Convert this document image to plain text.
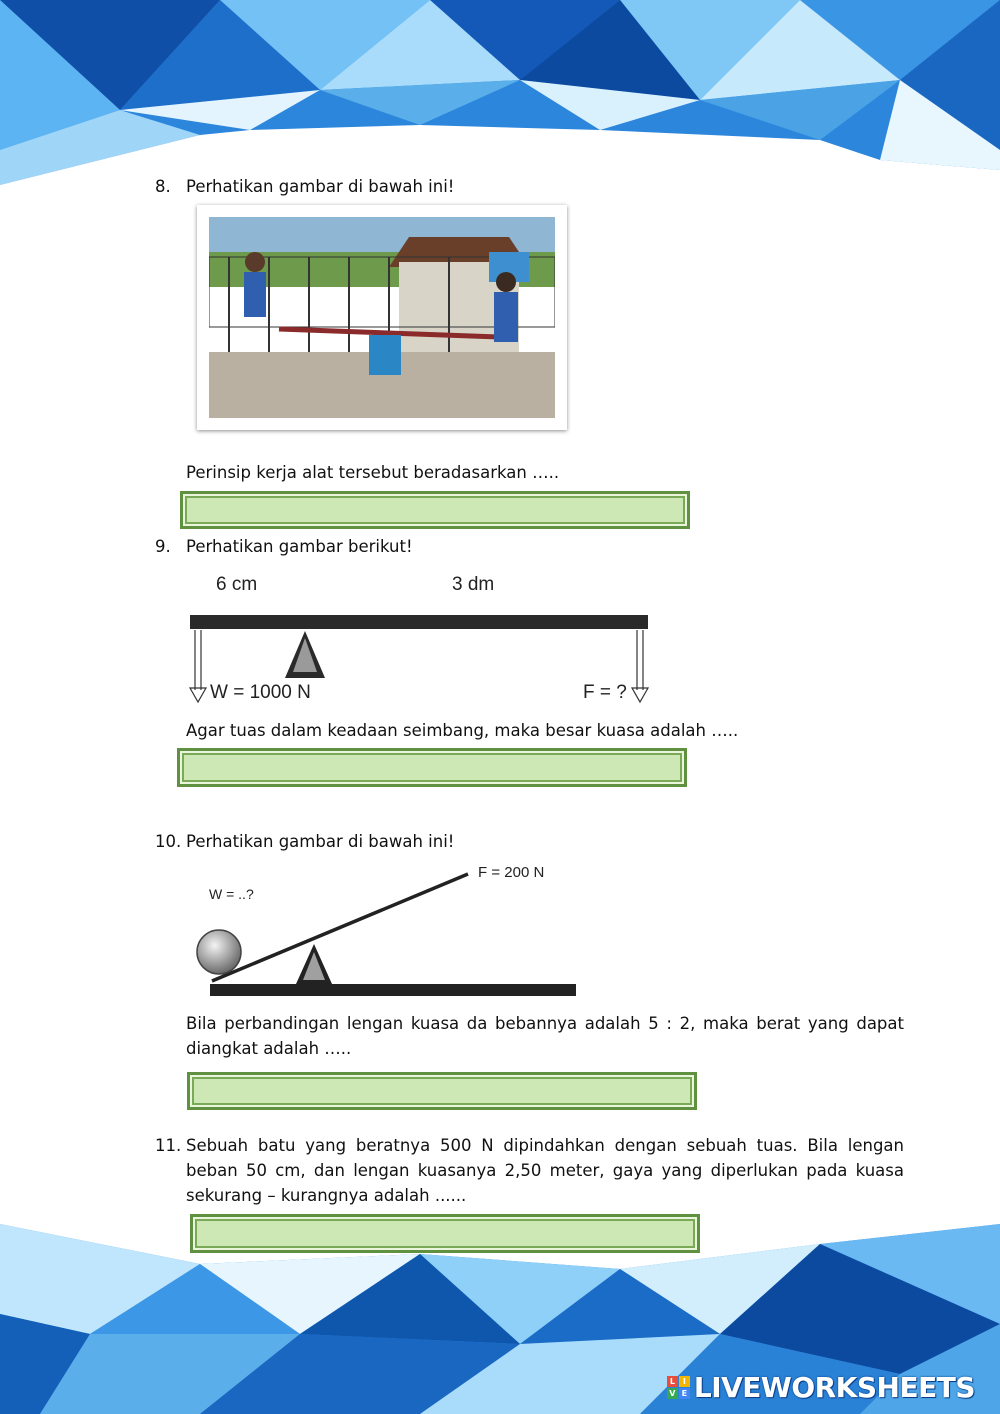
8. Perhatikan gambar di bawah ini!
Perinsip kerja alat tersebut beradasarkan …..
9. Perhatikan gambar berikut!
6 cm	3 dm
W = 1000 N	F = ?
Agar tuas dalam keadaan seimbang, maka besar kuasa adalah …..
10. Perhatikan gambar di bawah ini!
W = ..?
F = 200 N
Bila perbandingan lengan kuasa da bebannya adalah 5 : 2, maka berat yang dapat diangkat adalah …..
11. Sebuah batu yang beratnya 500 N dipindahkan dengan sebuah tuas. Bila lengan beban 50 cm, dan lengan kuasanya 2,50 meter, gaya yang diperlukan pada kuasa sekurang – kurangnya adalah ......
L I
V E LIVEWORKSHEETS
